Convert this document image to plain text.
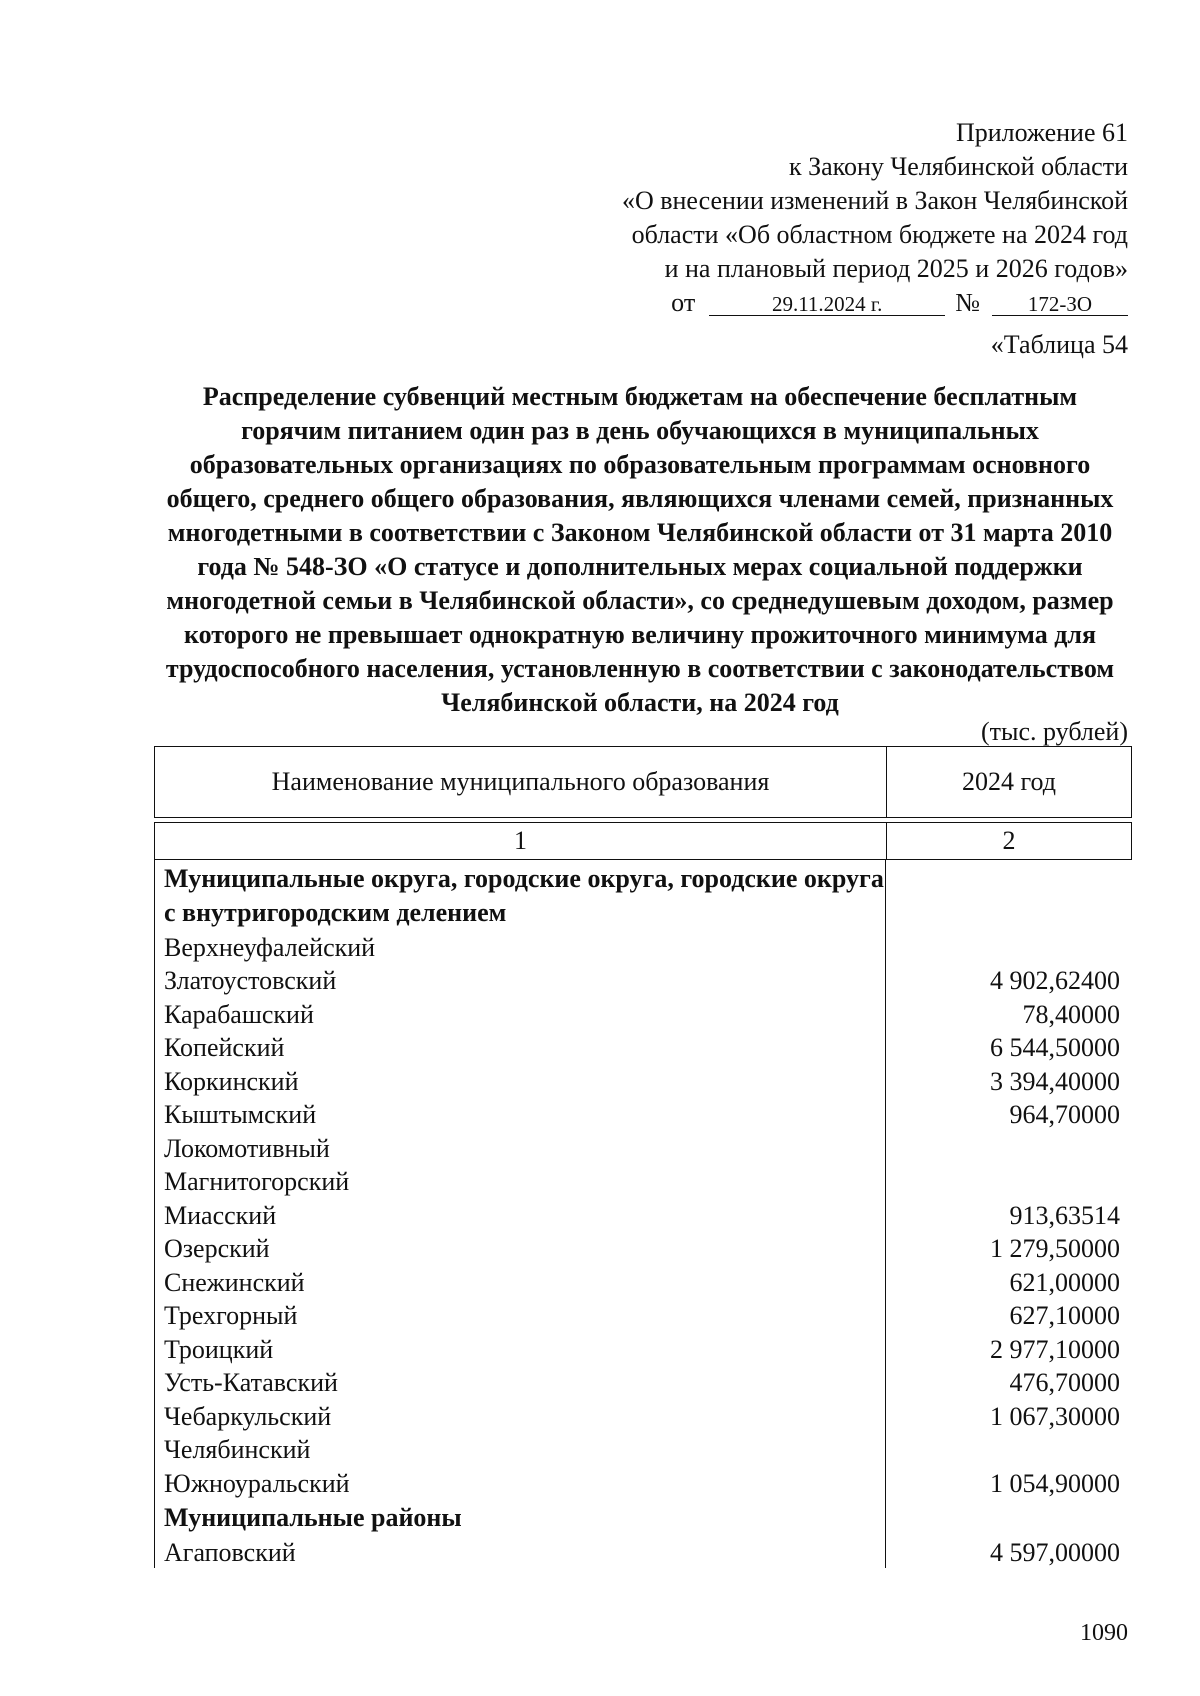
Приложение 61
к Закону Челябинской области
«О внесении изменений в Закон Челябинской
области «Об областном бюджете на 2024 год
и на плановый период 2025 и 2026 годов»
от	29.11.2024 г.	№	172-ЗО
«Таблица 54
Распределение субвенций местным бюджетам на обеспечение бесплатным горячим питанием один раз в день обучающихся в муниципальных образовательных организациях по образовательным программам основного общего, среднего общего образования, являющихся членами семей, признанных многодетными в соответствии с Законом Челябинской области от 31 марта 2010 года № 548-ЗО «О статусе и дополнительных мерах социальной поддержки многодетной семьи в Челябинской области», со среднедушевым доходом, размер которого не превышает однократную величину прожиточного минимума для трудоспособного населения, установленную в соответствии с законодательством Челябинской области, на 2024 год
(тыс. рублей)
Наименование муниципального образования	2024 год
1	2
Муниципальные округа, городские округа, городские округа с внутригородским делением
Верхнеуфалейский
Златоустовский	4 902,62400
Карабашский	78,40000
Копейский	6 544,50000
Коркинский	3 394,40000
Кыштымский	964,70000
Локомотивный
Магнитогорский
Миасский	913,63514
Озерский	1 279,50000
Снежинский	621,00000
Трехгорный	627,10000
Троицкий	2 977,10000
Усть-Катавский	476,70000
Чебаркульский	1 067,30000
Челябинский
Южноуральский	1 054,90000
Муниципальные районы
Агаповский	4 597,00000
1090
